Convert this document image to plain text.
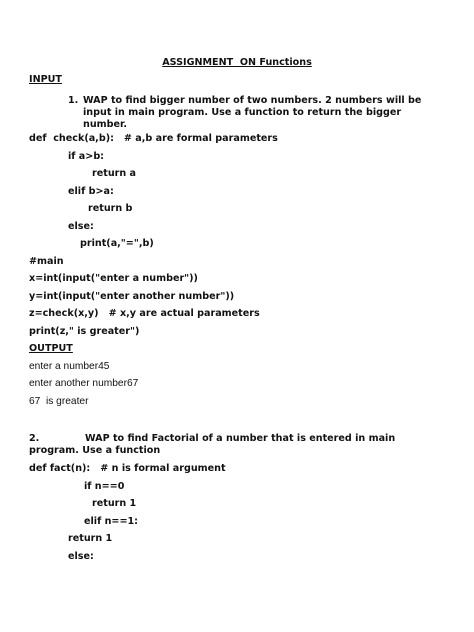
ASSIGNMENT  ON Functions
INPUT
1. WAP to find bigger number of two numbers. 2 numbers will be input in main program. Use a function to return the bigger number.
def  check(a,b):   # a,b are formal parameters
if a>b:
return a
elif b>a:
return b
else:
print(a,"=",b)
#main
x=int(input("enter a number"))
y=int(input("enter another number"))
z=check(x,y)   # x,y are actual parameters
print(z," is greater")
OUTPUT
enter a number45
enter another number67
67  is greater
2.	WAP to find Factorial of a number that is entered in main program. Use a function
def fact(n):   # n is formal argument
if n==0
return 1
elif n==1:
return 1
else:
